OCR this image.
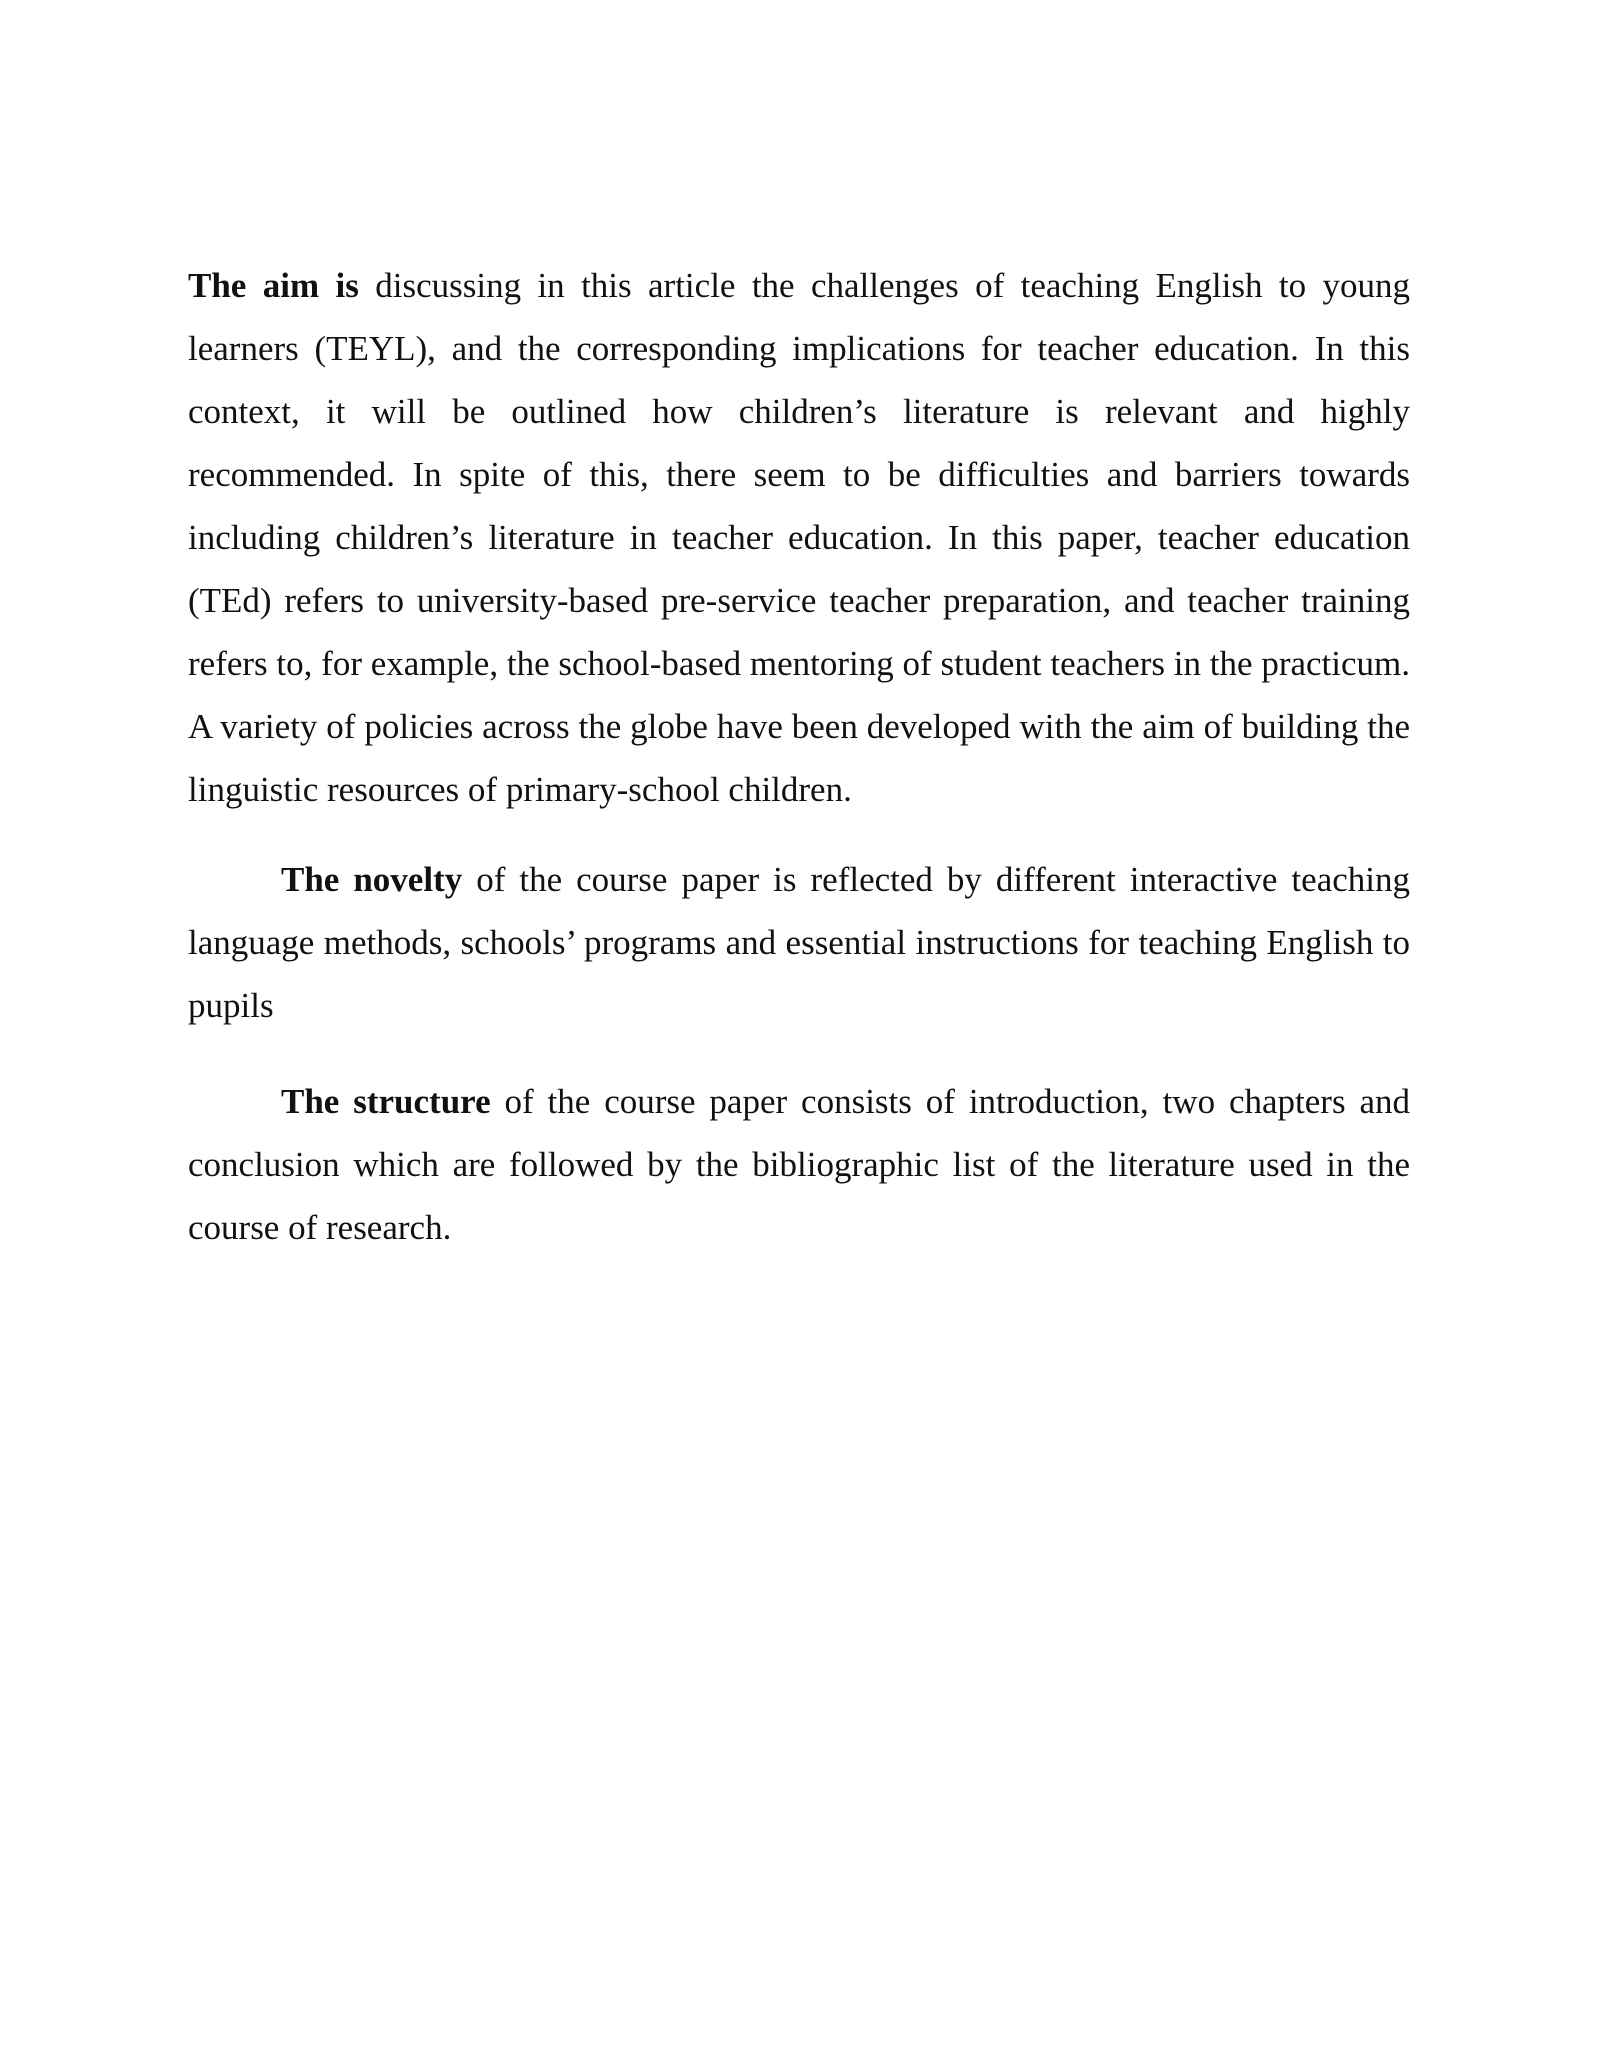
The aim is discussing in this article the challenges of teaching English to young learners (TEYL), and the corresponding implications for teacher education. In this context, it will be outlined how children’s literature is relevant and highly recommended. In spite of this, there seem to be difficulties and barriers towards including children’s literature in teacher education. In this paper, teacher education (TEd) refers to university-based pre-service teacher preparation, and teacher training refers to, for example, the school-based mentoring of student teachers in the practicum. A variety of policies across the globe have been developed with the aim of building the linguistic resources of primary-school children.

The novelty of the course paper is reflected by different interactive teaching language methods, schools’ programs and essential instructions for teaching English to pupils

The structure of the course paper consists of introduction, two chapters and conclusion which are followed by the bibliographic list of the literature used in the course of research.
